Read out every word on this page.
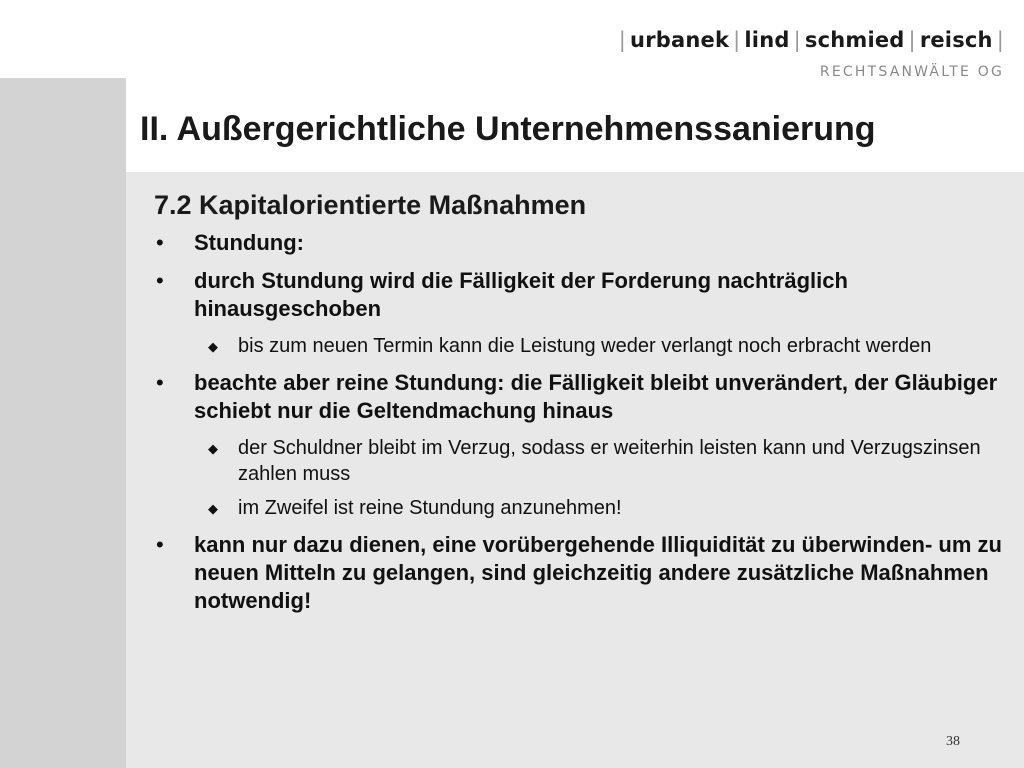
| urbanek | lind | schmied | reisch |
RECHTSANWÄLTE OG
II. Außergerichtliche Unternehmenssanierung
7.2 Kapitalorientierte Maßnahmen
• Stundung:
• durch Stundung wird die Fälligkeit der Forderung nachträglich hinausgeschoben
◆ bis zum neuen Termin kann die Leistung weder verlangt noch erbracht werden
• beachte aber reine Stundung: die Fälligkeit bleibt unverändert, der Gläubiger schiebt nur die Geltendmachung hinaus
◆ der Schuldner bleibt im Verzug, sodass er weiterhin leisten kann und Verzugszinsen zahlen muss
◆ im Zweifel ist reine Stundung anzunehmen!
• kann nur dazu dienen, eine vorübergehende Illiquidität zu überwinden- um zu neuen Mitteln zu gelangen, sind gleichzeitig andere zusätzliche Maßnahmen notwendig!
38
